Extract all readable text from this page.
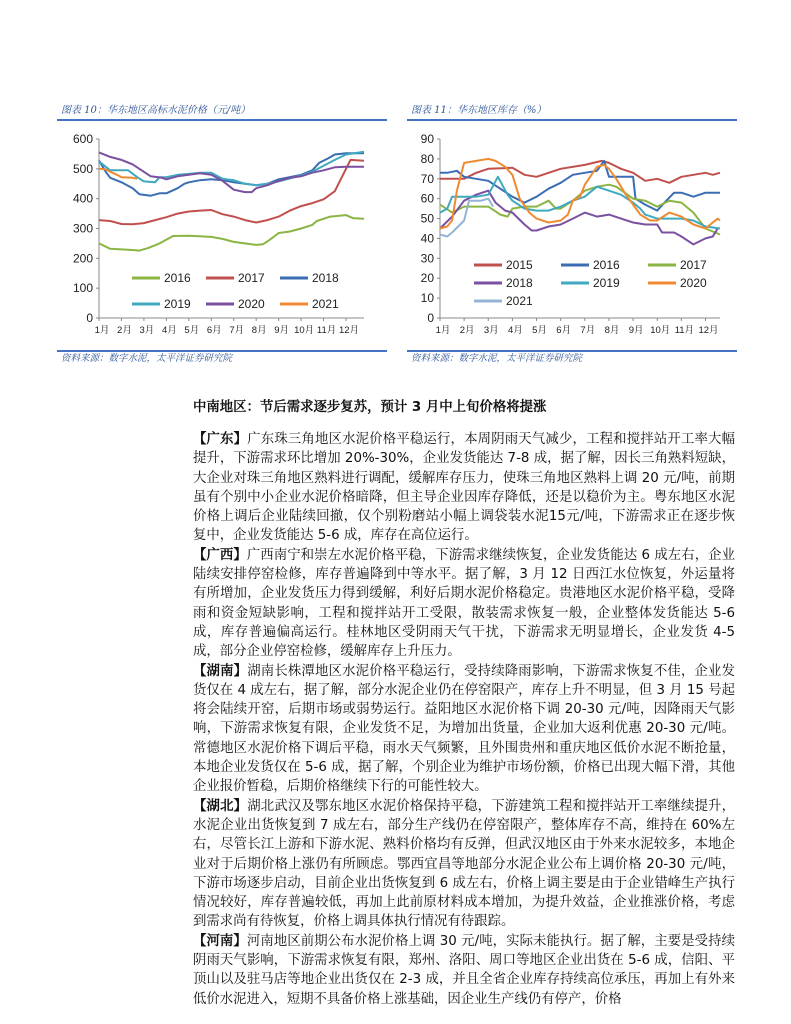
图表 10：华东地区高标水泥价格（元/吨）
0
100
200
300
400
500
600
1月 2月 3月 4月 5月 6月 7月 8月 9月 10月 11月 12月
2016	2017	2018
2019	2020	2021
资料来源：数字水泥，太平洋证券研究院
图表 11：华东地区库存（%）
0
10
20
30
40
50
60
70
80
90
1月 2月 3月 4月 5月 6月 7月 8月 9月 10月 11月 12月
2015	2016	2017
2018	2019	2020
2021
资料来源：数字水泥，太平洋证券研究院
中南地区：节后需求逐步复苏，预计 3 月中上旬价格将提涨

【广东】广东珠三角地区水泥价格平稳运行，本周阴雨天气减少，工程和搅拌站开工率大幅提升，下游需求环比增加 20%-30%，企业发货能达 7-8 成，据了解，因长三角熟料短缺，大企业对珠三角地区熟料进行调配，缓解库存压力，使珠三角地区熟料上调 20 元/吨，前期虽有个别中小企业水泥价格暗降，但主导企业因库存降低，还是以稳价为主。粤东地区水泥价格上调后企业陆续回撤，仅个别粉磨站小幅上调袋装水泥15元/吨，下游需求正在逐步恢复中，企业发货能达 5-6 成，库存在高位运行。

【广西】广西南宁和崇左水泥价格平稳，下游需求继续恢复，企业发货能达 6 成左右，企业陆续安排停窑检修，库存普遍降到中等水平。据了解，3 月 12 日西江水位恢复，外运量将有所增加，企业发货压力得到缓解，利好后期水泥价格稳定。贵港地区水泥价格平稳，受降雨和资金短缺影响，工程和搅拌站开工受限，散装需求恢复一般，企业整体发货能达 5-6 成，库存普遍偏高运行。桂林地区受阴雨天气干扰，下游需求无明显增长，企业发货 4-5 成，部分企业停窑检修，缓解库存上升压力。

【湖南】湖南长株潭地区水泥价格平稳运行，受持续降雨影响，下游需求恢复不佳，企业发货仅在 4 成左右，据了解，部分水泥企业仍在停窑限产，库存上升不明显，但 3 月 15 号起将会陆续开窑，后期市场或弱势运行。益阳地区水泥价格下调 20-30 元/吨，因降雨天气影响，下游需求恢复有限，企业发货不足，为增加出货量，企业加大返利优惠 20-30 元/吨。常德地区水泥价格下调后平稳，雨水天气频繁，且外围贵州和重庆地区低价水泥不断抢量，本地企业发货仅在 5-6 成，据了解，个别企业为维护市场份额，价格已出现大幅下滑，其他企业报价暂稳，后期价格继续下行的可能性较大。

【湖北】湖北武汉及鄂东地区水泥价格保持平稳，下游建筑工程和搅拌站开工率继续提升，水泥企业出货恢复到 7 成左右，部分生产线仍在停窑限产，整体库存不高，维持在 60%左右，尽管长江上游和下游水泥、熟料价格均有反弹，但武汉地区由于外来水泥较多，本地企业对于后期价格上涨仍有所顾虑。鄂西宜昌等地部分水泥企业公布上调价格 20-30 元/吨，下游市场逐步启动，目前企业出货恢复到 6 成左右，价格上调主要是由于企业错峰生产执行情况较好，库存普遍较低，再加上此前原材料成本增加，为提升效益，企业推涨价格，考虑到需求尚有待恢复，价格上调具体执行情况有待跟踪。

【河南】河南地区前期公布水泥价格上调 30 元/吨，实际未能执行。据了解，主要是受持续阴雨天气影响，下游需求恢复有限，郑州、洛阳、周口等地区企业出货在 5-6 成，信阳、平顶山以及驻马店等地企业出货仅在 2-3 成，并且全省企业库存持续高位承压，再加上有外来低价水泥进入，短期不具备价格上涨基础，因企业生产线仍有停产，价格
